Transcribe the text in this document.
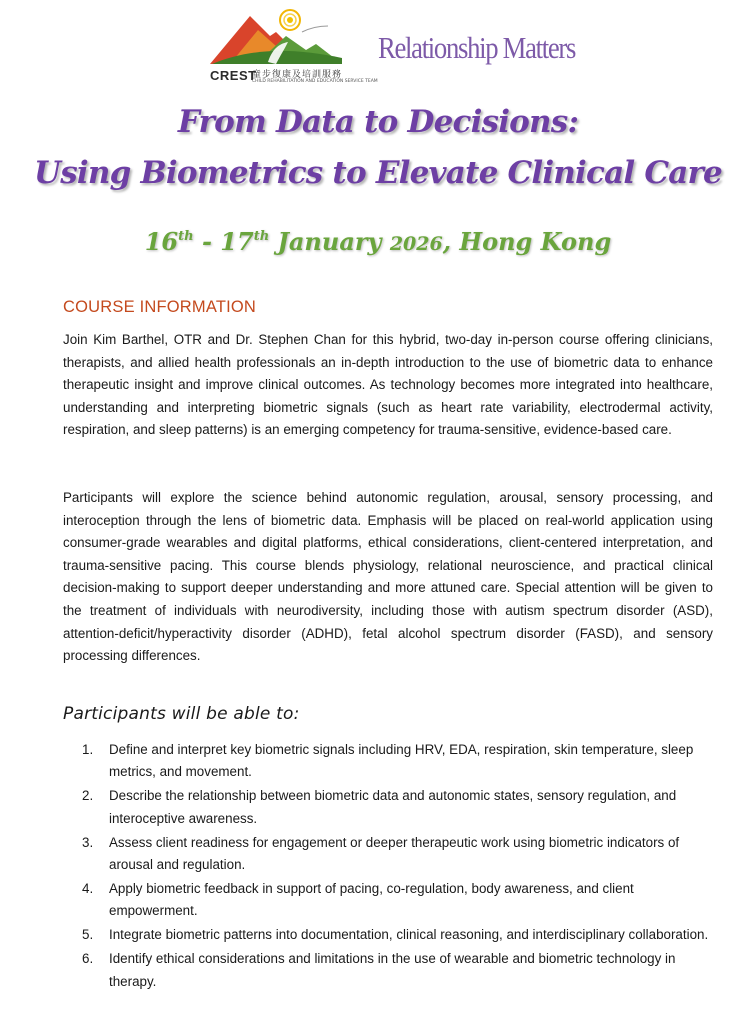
CREST
童步復康及培訓服務
CHILD REHABILITATION AND EDUCATION SERVICE TEAM
Relationship Matters
From Data to Decisions:
Using Biometrics to Elevate Clinical Care
16th - 17th January 2026, Hong Kong
COURSE INFORMATION

Join Kim Barthel, OTR and Dr. Stephen Chan for this hybrid, two-day in-person course offering clinicians, therapists, and allied health professionals an in-depth introduction to the use of biometric data to enhance therapeutic insight and improve clinical outcomes. As technology becomes more integrated into healthcare, understanding and interpreting biometric signals (such as heart rate variability, electrodermal activity, respiration, and sleep patterns) is an emerging competency for trauma-sensitive, evidence-based care.

Participants will explore the science behind autonomic regulation, arousal, sensory processing, and interoception through the lens of biometric data. Emphasis will be placed on real-world application using consumer-grade wearables and digital platforms, ethical considerations, client-centered interpretation, and trauma-sensitive pacing. This course blends physiology, relational neuroscience, and practical clinical decision-making to support deeper understanding and more attuned care. Special attention will be given to the treatment of individuals with neurodiversity, including those with autism spectrum disorder (ASD), attention-deficit/hyperactivity disorder (ADHD), fetal alcohol spectrum disorder (FASD), and sensory processing differences.

Participants will be able to:
1. Define and interpret key biometric signals including HRV, EDA, respiration, skin temperature, sleep metrics, and movement.
2. Describe the relationship between biometric data and autonomic states, sensory regulation, and interoceptive awareness.
3. Assess client readiness for engagement or deeper therapeutic work using biometric indicators of arousal and regulation.
4. Apply biometric feedback in support of pacing, co-regulation, body awareness, and client empowerment.
5. Integrate biometric patterns into documentation, clinical reasoning, and interdisciplinary collaboration.
6. Identify ethical considerations and limitations in the use of wearable and biometric technology in therapy.
